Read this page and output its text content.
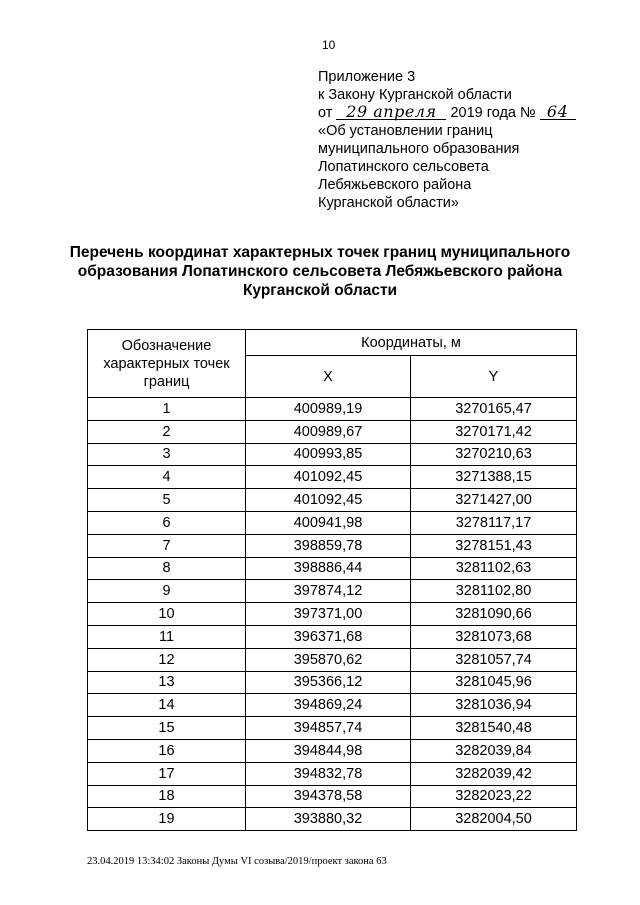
10
Приложение 3
к Закону Курганской области
от 29 апреля 2019 года № 64
«Об установлении границ
муниципального образования
Лопатинского сельсовета
Лебяжьевского района
Курганской области»
Перечень координат характерных точек границ муниципального
образования Лопатинского сельсовета Лебяжьевского района
Курганской области
Обозначение
характерных точек
границ	Координаты, м	
	X	Y
1	400989,19	3270165,47
2	400989,67	3270171,42
3	400993,85	3270210,63
4	401092,45	3271388,15
5	401092,45	3271427,00
6	400941,98	3278117,17
7	398859,78	3278151,43
8	398886,44	3281102,63
9	397874,12	3281102,80
10	397371,00	3281090,66
11	396371,68	3281073,68
12	395870,62	3281057,74
13	395366,12	3281045,96
14	394869,24	3281036,94
15	394857,74	3281540,48
16	394844,98	3282039,84
17	394832,78	3282039,42
18	394378,58	3282023,22
19	393880,32	3282004,50
23.04.2019 13:34:02 Законы Думы VI созыва/2019/проект закона 63
